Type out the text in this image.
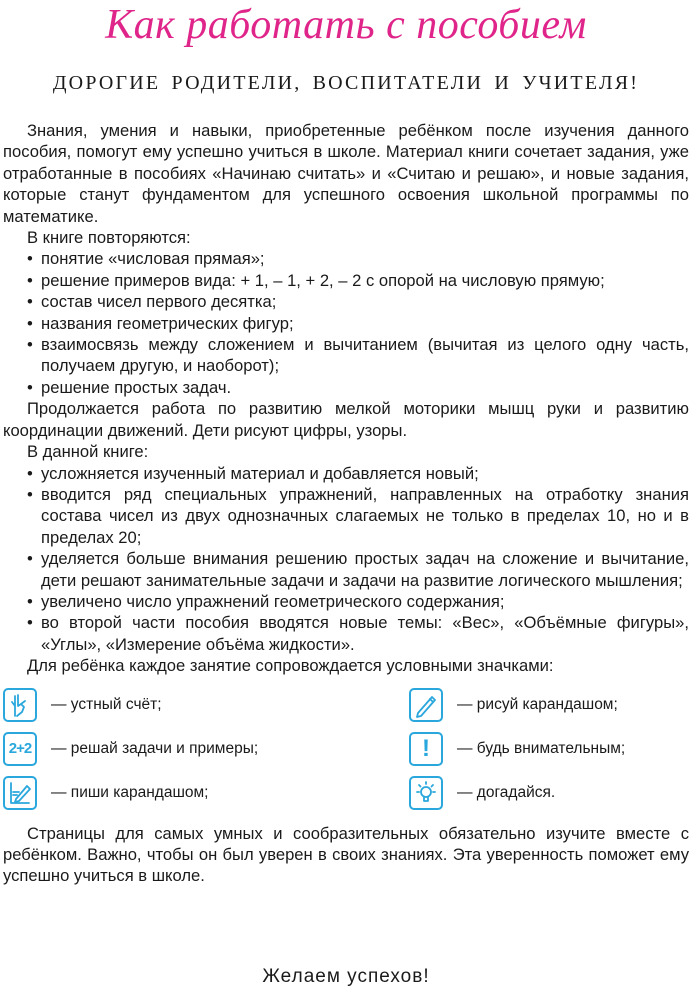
Как работать с пособием
ДОРОГИЕ РОДИТЕЛИ, ВОСПИТАТЕЛИ И УЧИТЕЛЯ!

Знания, умения и навыки, приобретенные ребёнком после изучения данного пособия, помогут ему успешно учиться в школе. Материал книги сочетает задания, уже отработанные в пособиях «Начинаю считать» и «Считаю и решаю», и новые задания, которые станут фундаментом для успешного освоения школьной программы по математике.

В книге повторяются:

• понятие «числовая прямая»;
• решение примеров вида: + 1, – 1, + 2, – 2 с опорой на числовую прямую;
• состав чисел первого десятка;
• названия геометрических фигур;
• взаимосвязь между сложением и вычитанием (вычитая из целого одну часть, получаем другую, и наоборот);
• решение простых задач.

Продолжается работа по развитию мелкой моторики мышц руки и развитию координации движений. Дети рисуют цифры, узоры.

В данной книге:

• усложняется изученный материал и добавляется новый;
• вводится ряд специальных упражнений, направленных на отработку знания состава чисел из двух однозначных слагаемых не только в пределах 10, но и в пределах 20;
• уделяется больше внимания решению простых задач на сложение и вычитание, дети решают занимательные задачи и задачи на развитие логического мышления;
• увеличено число упражнений геометрического содержания;
• во второй части пособия вводятся новые темы: «Вес», «Объёмные фигуры», «Углы», «Измерение объёма жидкости».

Для ребёнка каждое занятие сопровождается условными значками:

— устный счёт;
2+2 — решай задачи и примеры;
— пиши карандашом;
— рисуй карандашом;
! — будь внимательным;
— догадайся.

Страницы для самых умных и сообразительных обязательно изучите вместе с ребёнком. Важно, чтобы он был уверен в своих знаниях. Эта уверенность поможет ему успешно учиться в школе.

Желаем успехов!
